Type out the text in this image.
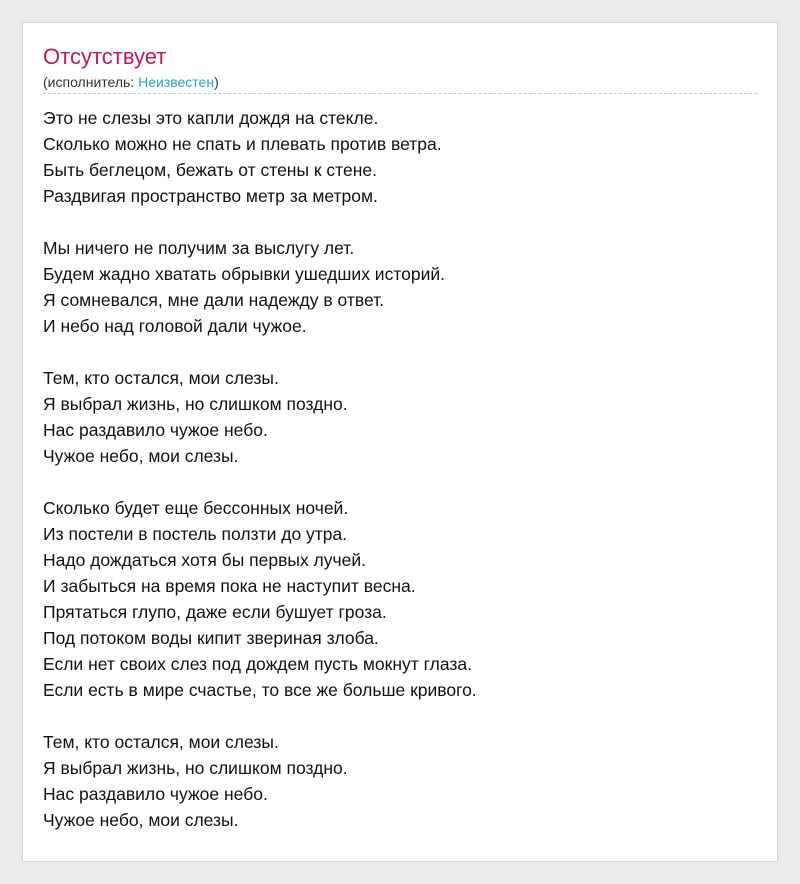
Отсутствует
(исполнитель: Неизвестен)
Это не слезы это капли дождя на стекле.
Сколько можно не спать и плевать против ветра.
Быть беглецом, бежать от стены к стене.
Раздвигая пространство метр за метром.
Мы ничего не получим за выслугу лет.
Будем жадно хватать обрывки ушедших историй.
Я сомневался, мне дали надежду в ответ.
И небо над головой дали чужое.
Тем, кто остался, мои слезы.
Я выбрал жизнь, но слишком поздно.
Нас раздавило чужое небо.
Чужое небо, мои слезы.
Сколько будет еще бессонных ночей.
Из постели в постель ползти до утра.
Надо дождаться хотя бы первых лучей.
И забыться на время пока не наступит весна.
Прятаться глупо, даже если бушует гроза.
Под потоком воды кипит звериная злоба.
Если нет своих слез под дождем пусть мокнут глаза.
Если есть в мире счастье, то все же больше кривого.
Тем, кто остался, мои слезы.
Я выбрал жизнь, но слишком поздно.
Нас раздавило чужое небо.
Чужое небо, мои слезы.
